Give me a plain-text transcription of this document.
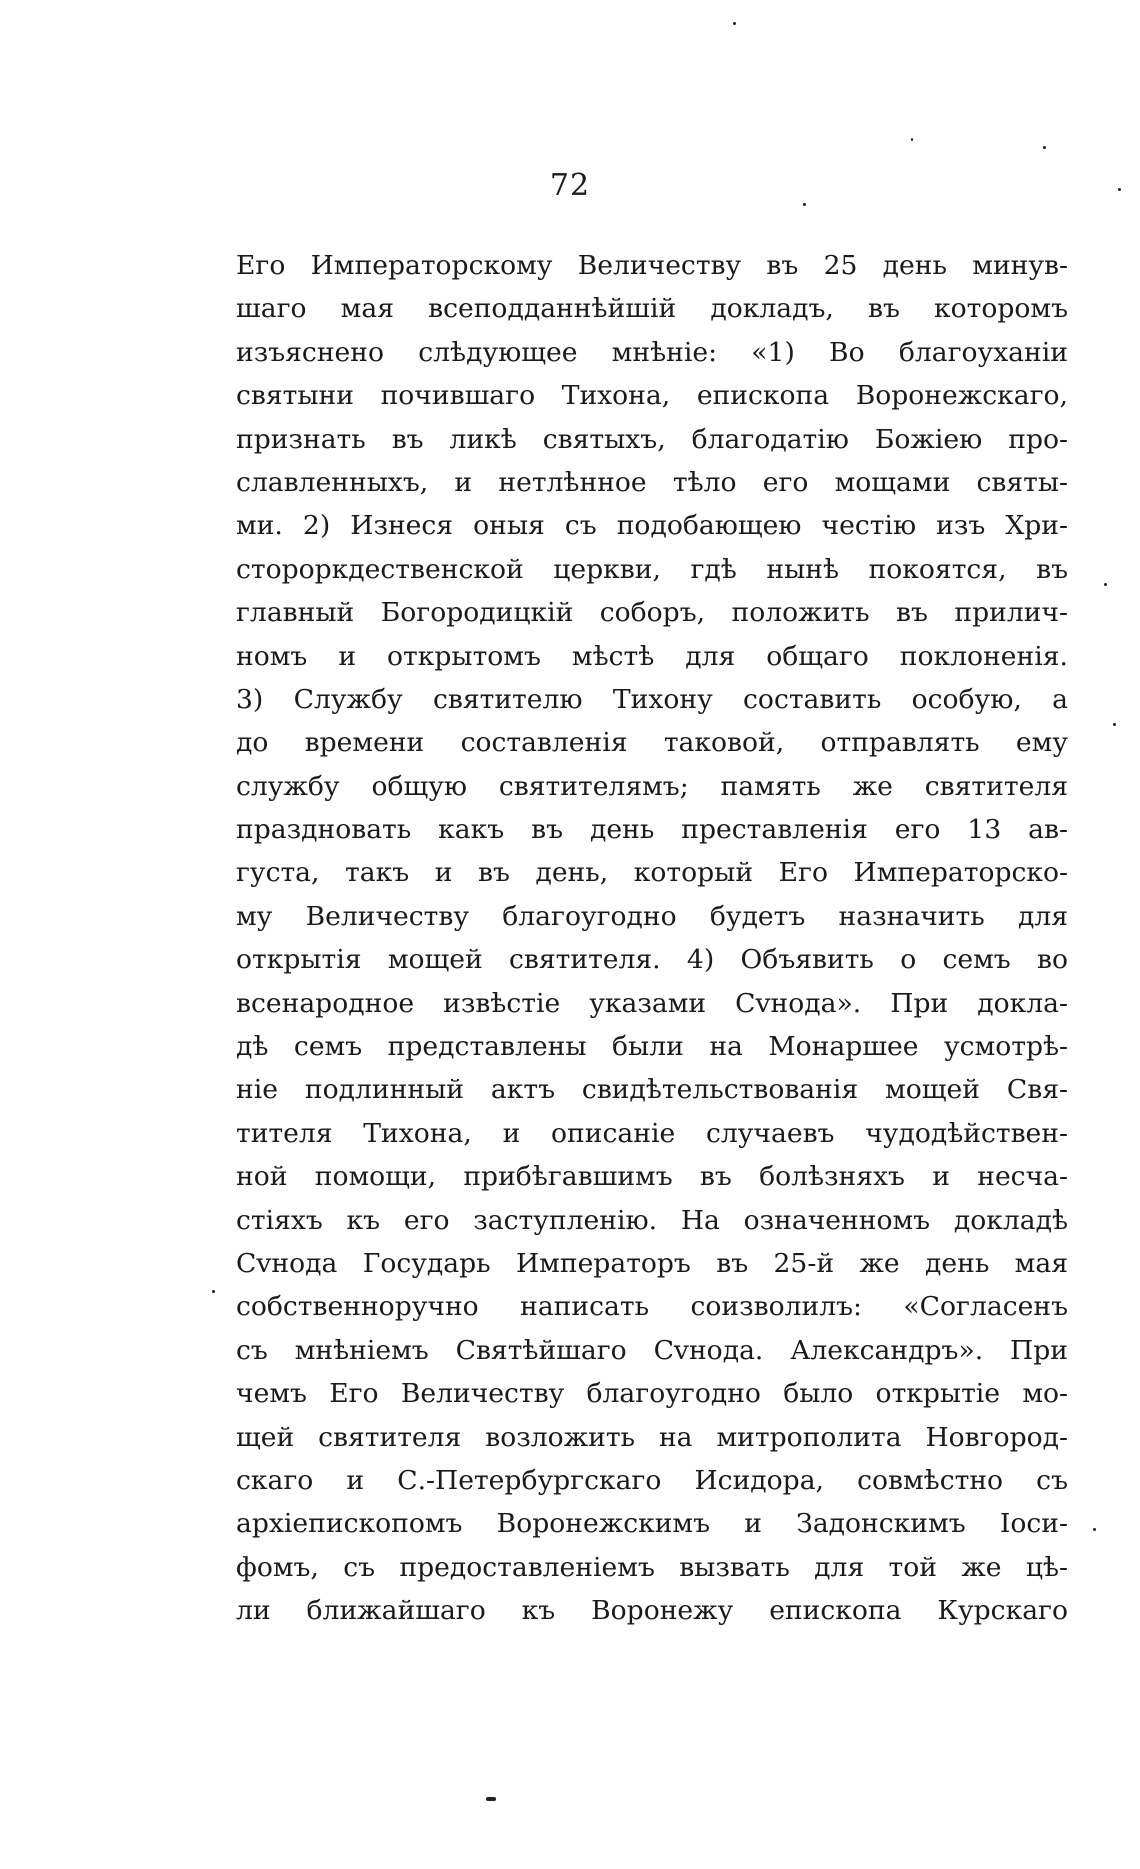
72
Его Императорскому Величеству въ 25 день минув-
шаго мая всеподданнѣйшій докладъ, въ которомъ
изъяснено слѣдующее мнѣніе: «1) Во благоуханіи
святыни почившаго Тихона, епископа Воронежскаго,
признать въ ликѣ святыхъ, благодатію Божіею про-
славленныхъ, и нетлѣнное тѣло его мощами святы-
ми. 2) Изнеся оныя съ подобающею честію изъ Хри-
стороркдественской церкви, гдѣ нынѣ покоятся, въ
главный Богородицкій соборъ, положить въ прилич-
номъ и открытомъ мѣстѣ для общаго поклоненія.
3) Службу святителю Тихону составить особую, а
до времени составленія таковой, отправлять ему
службу общую святителямъ; память же святителя
праздновать какъ въ день преставленія его 13 ав-
густа, такъ и въ день, который Его Императорско-
му Величеству благоугодно будетъ назначить для
открытія мощей святителя. 4) Объявить о семъ во
всенародное извѣстіе указами Сvнода». При докла-
дѣ семъ представлены были на Монаршее усмотрѣ-
ніе подлинный актъ свидѣтельствованія мощей Свя-
тителя Тихона, и описаніе случаевъ чудодѣйствен-
ной помощи, прибѣгавшимъ въ болѣзняхъ и несча-
стіяхъ къ его заступленію. На означенномъ докладѣ
Сvнода Государь Императоръ въ 25-й же день мая
собственноручно написать соизволилъ: «Согласенъ
съ мнѣніемъ Святѣйшаго Сvнода. Александръ». При
чемъ Его Величеству благоугодно было открытіе мо-
щей святителя возложить на митрополита Новгород-
скаго и С.-Петербургскаго Исидора, совмѣстно съ
архіепископомъ Воронежскимъ и Задонскимъ Іоси-
фомъ, съ предоставленіемъ вызвать для той же цѣ-
ли ближайшаго къ Воронежу епископа Курскаго
